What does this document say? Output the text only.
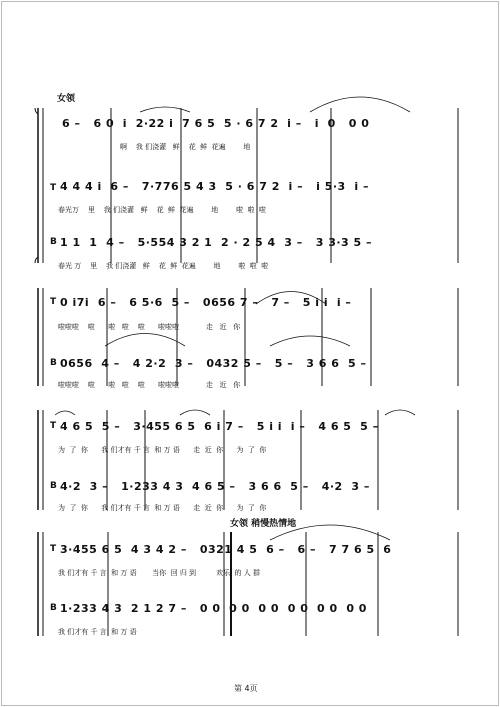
女领
女领 稍慢热情地
T
B
6 –   6 0  i̇  2·22 i  7 6 5  5 · 6 7 2  i̇ –   i̇  0   0 0
啊    我 们浇灌   鲜    花  鲜  花遍        地
4 4 4 i̇  6 –   7·776 5 4 3  5 · 6 7 2  i̇ –   i̇ 5·3  i̇ –
春光万    里    我 们浇灌   鲜    花  鲜  花遍        地        啦  啦  啦
1 1  1  4 –   5·554 3 2 1  2 · 2 5 4  3 –   3 3·3 5 –
春光 万    里    我 们浇灌   鲜    花  鲜  花遍        地        啦  啦  啦
T 0 i̇7i̇  6 –   6 5·6  5 –   0656 7 –   7 –   5 i̇ i̇  i̇ –
啦啦啦    啦      啦   啦    啦      啦啦啦            走   近   你
B 0656  4 –   4 2·2  3 –   0432 5 –   5 –   3 6 6  5 –
啦啦啦    啦      啦   啦    啦      啦啦啦            走   近   你
T 4 6 5  5 –   3·455 6 5  6 i̇ 7 –   5 i̇ i̇  i̇ –   4 6 5  5 –
为  了  你      我 们才有 千 言  和 万 语      走  近  你      为  了  你
B 4·2  3 –   1·233 4 3  4 6 5 –   3 6 6  5 –   4·2  3 –
为  了  你      我 们才有 千 言  和 万 语      走  近  你      为  了  你
T 3·455 6 5  4 3 4 2 –   0321 4 5  6 –   6 –   7 7 6 5  6
我 们才有 千 言  和 万 语       当你  回 归 到         欢乐  的 人 群
B 1·233 4 3  2 1 2 7 –   0 0  0 0  0 0  0 0  0 0  0 0
我 们才有 千 言  和 万 语
第 4页
